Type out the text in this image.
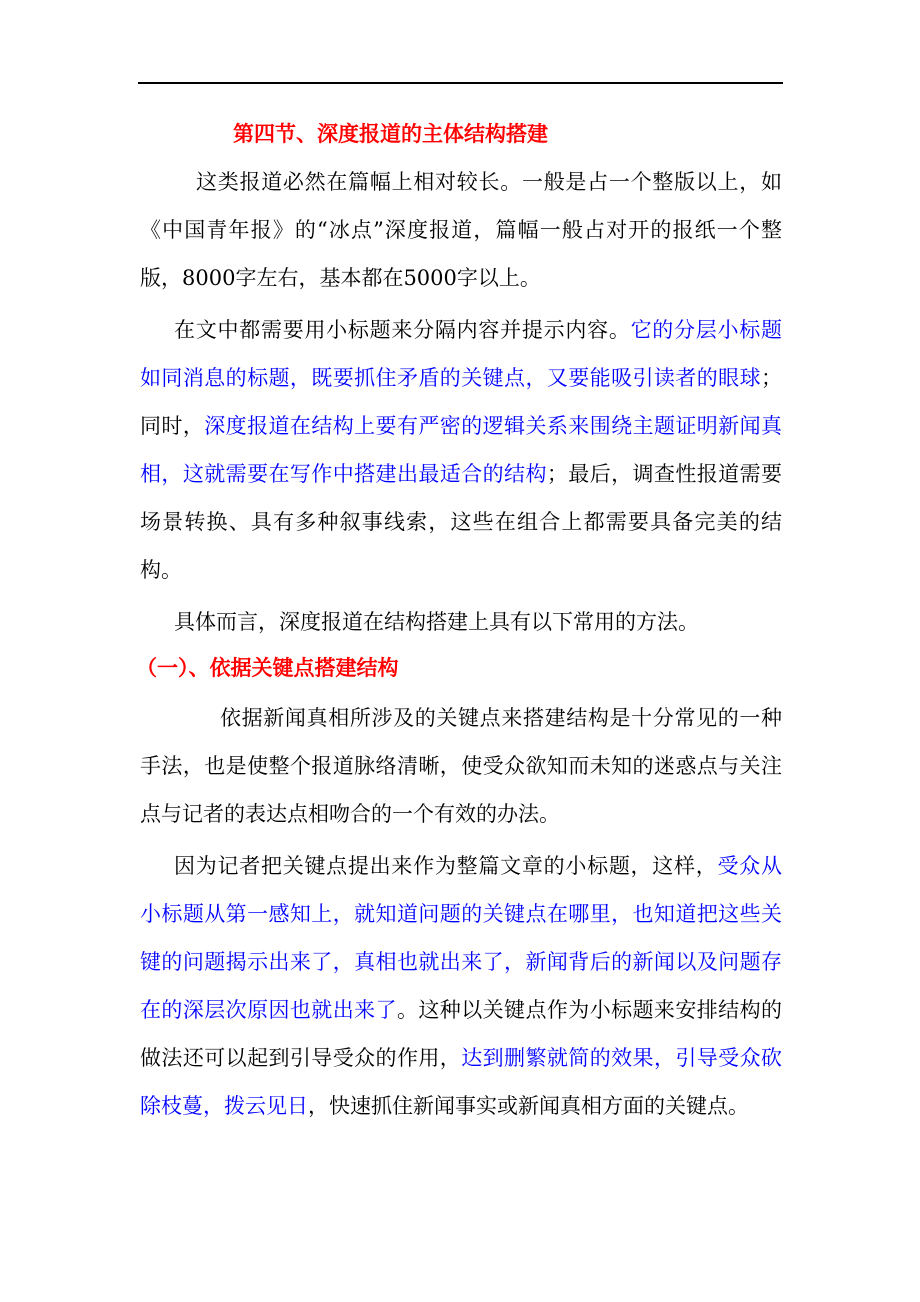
第四节、深度报道的主体结构搭建

这类报道必然在篇幅上相对较长。一般是占一个整版以上，如《中国青年报》的“冰点”深度报道，篇幅一般占对开的报纸一个整版，8000字左右，基本都在5000字以上。

在文中都需要用小标题来分隔内容并提示内容。它的分层小标题如同消息的标题，既要抓住矛盾的关键点，又要能吸引读者的眼球；同时，深度报道在结构上要有严密的逻辑关系来围绕主题证明新闻真相，这就需要在写作中搭建出最适合的结构；最后，调查性报道需要场景转换、具有多种叙事线索，这些在组合上都需要具备完美的结构。

具体而言，深度报道在结构搭建上具有以下常用的方法。

（一）、依据关键点搭建结构

依据新闻真相所涉及的关键点来搭建结构是十分常见的一种手法，也是使整个报道脉络清晰，使受众欲知而未知的迷惑点与关注点与记者的表达点相吻合的一个有效的办法。

因为记者把关键点提出来作为整篇文章的小标题，这样，受众从小标题从第一感知上，就知道问题的关键点在哪里，也知道把这些关键的问题揭示出来了，真相也就出来了，新闻背后的新闻以及问题存在的深层次原因也就出来了。这种以关键点作为小标题来安排结构的做法还可以起到引导受众的作用，达到删繁就简的效果，引导受众砍除枝蔓，拨云见日，快速抓住新闻事实或新闻真相方面的关键点。
